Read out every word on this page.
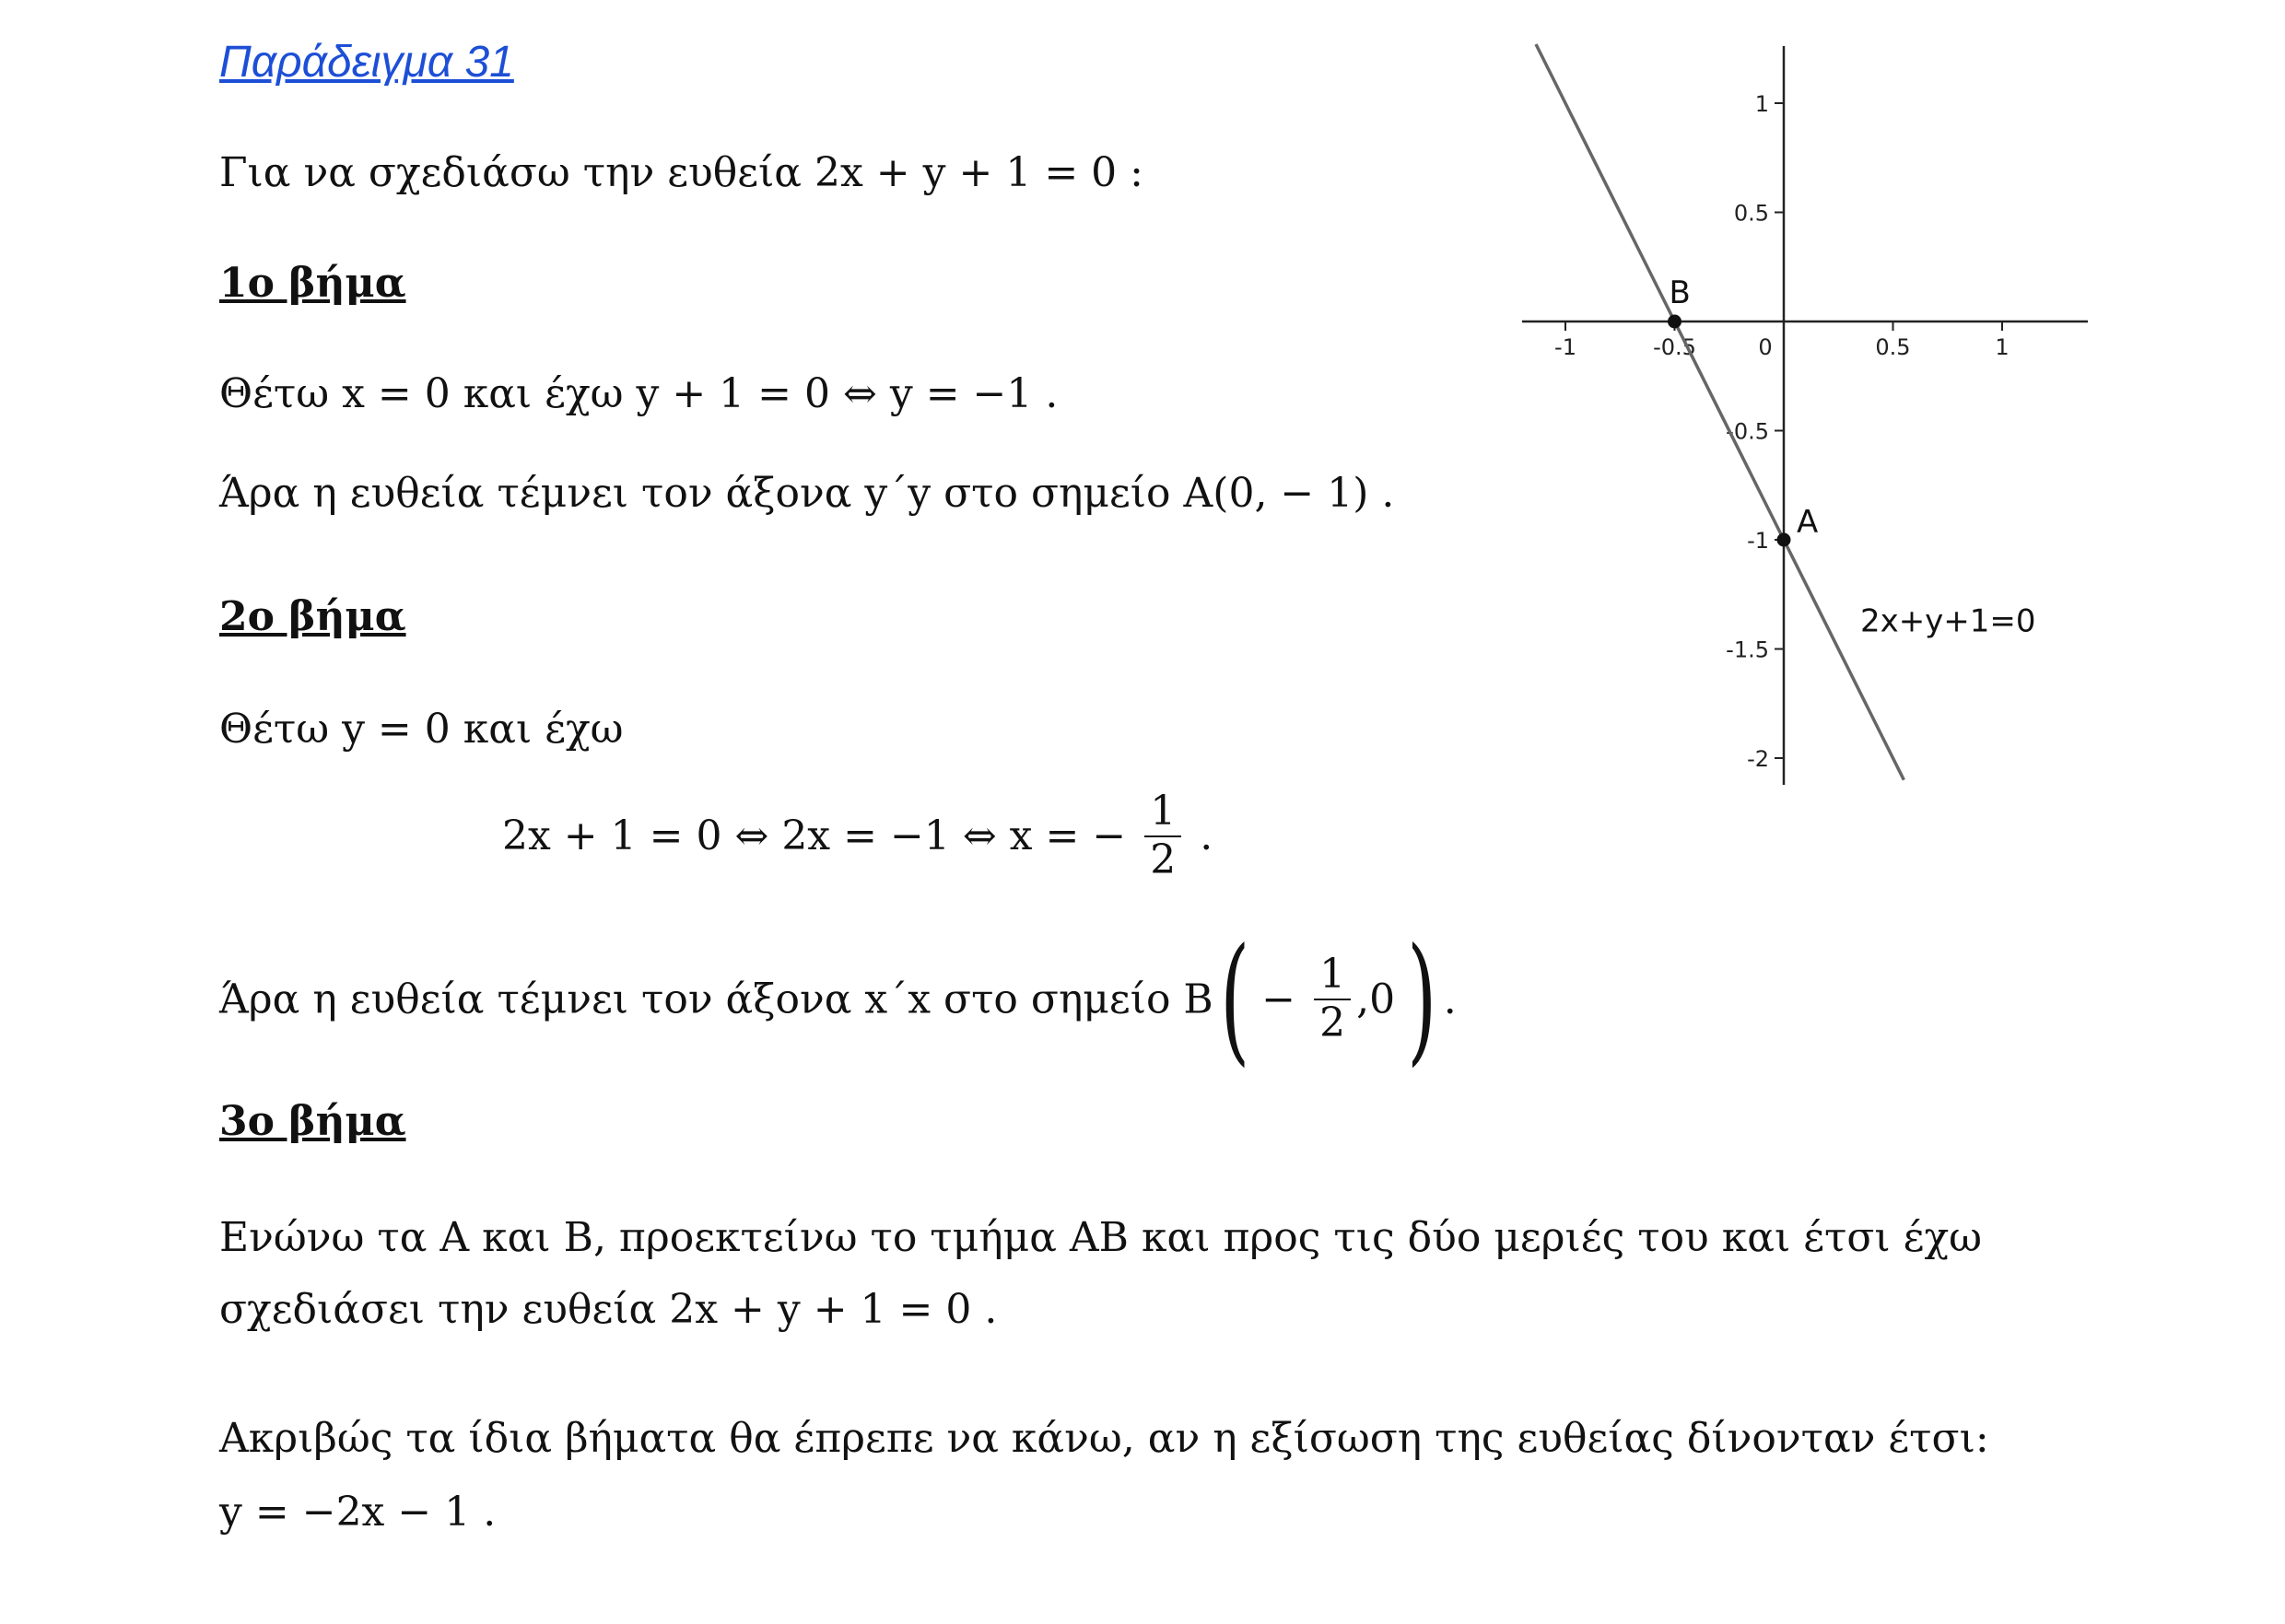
Παράδειγμα 31
Για να σχεδιάσω την ευθεία 2x + y + 1 = 0 :
1ο βήμα
Θέτω x = 0 και έχω y + 1 = 0 ⇔ y = −1 .
Άρα η ευθεία τέμνει τον άξονα y΄y στο σημείο A(0, − 1) .
2ο βήμα
Θέτω y = 0 και έχω
2x + 1 = 0 ⇔ 2x = −1 ⇔ x = − $\frac{1}{2}$ .
Άρα η ευθεία τέμνει τον άξονα x΄x στο σημείο $B( - \frac{1}{2} ,0)$ .
3ο βήμα
Ενώνω τα A και B, προεκτείνω το τμήμα AB και προς τις δύο μεριές του και έτσι έχω
σχεδιάσει την ευθεία 2x + y + 1 = 0 .
Ακριβώς τα ίδια βήματα θα έπρεπε να κάνω, αν η εξίσωση της ευθείας δίνονταν έτσι:
y = −2x − 1 .
-1	-0.5	0	0.5	1
1
0.5
-0.5
-1
-1.5
-2
2x+y+1=0
A
B
